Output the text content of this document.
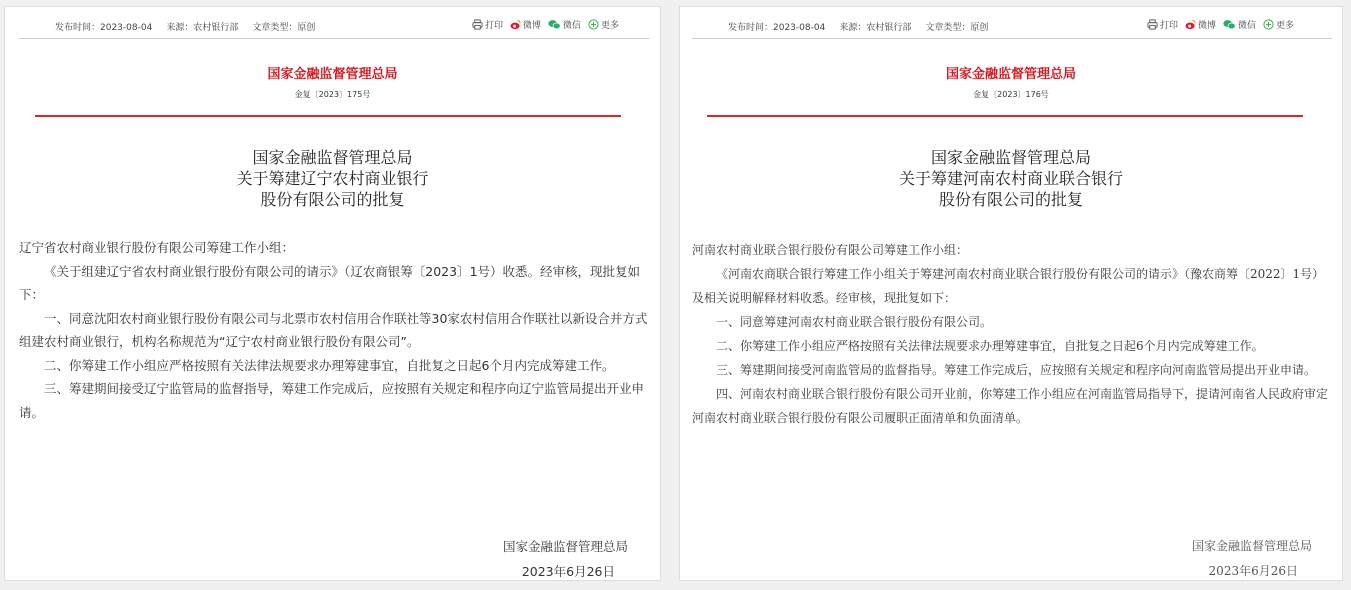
发布时间：2023-08-04 来源：农村银行部 文章类型：原创	打印 微博 微信 更多
国家金融监督管理总局
金复〔2023〕175号
国家金融监督管理总局
关于筹建辽宁农村商业银行
股份有限公司的批复

辽宁省农村商业银行股份有限公司筹建工作小组：

《关于组建辽宁省农村商业银行股份有限公司的请示》（辽农商银筹〔2023〕1号）收悉。经审核，现批复如下：

一、同意沈阳农村商业银行股份有限公司与北票市农村信用合作联社等30家农村信用合作联社以新设合并方式组建农村商业银行，机构名称规范为“辽宁农村商业银行股份有限公司”。

二、你筹建工作小组应严格按照有关法律法规要求办理筹建事宜，自批复之日起6个月内完成筹建工作。

三、筹建期间接受辽宁监管局的监督指导，筹建工作完成后，应按照有关规定和程序向辽宁监管局提出开业申请。

国家金融监督管理总局
2023年6月26日
发布时间：2023-08-04 来源：农村银行部 文章类型：原创	打印 微博 微信 更多
国家金融监督管理总局
金复〔2023〕176号
国家金融监督管理总局
关于筹建河南农村商业联合银行
股份有限公司的批复

河南农村商业联合银行股份有限公司筹建工作小组：

《河南农商联合银行筹建工作小组关于筹建河南农村商业联合银行股份有限公司的请示》（豫农商筹〔2022〕1号）及相关说明解释材料收悉。经审核，现批复如下：

一、同意筹建河南农村商业联合银行股份有限公司。

二、你筹建工作小组应严格按照有关法律法规要求办理筹建事宜，自批复之日起6个月内完成筹建工作。

三、筹建期间接受河南监管局的监督指导。筹建工作完成后，应按照有关规定和程序向河南监管局提出开业申请。

四、河南农村商业联合银行股份有限公司开业前，你筹建工作小组应在河南监管局指导下，提请河南省人民政府审定河南农村商业联合银行股份有限公司履职正面清单和负面清单。

国家金融监督管理总局
2023年6月26日
